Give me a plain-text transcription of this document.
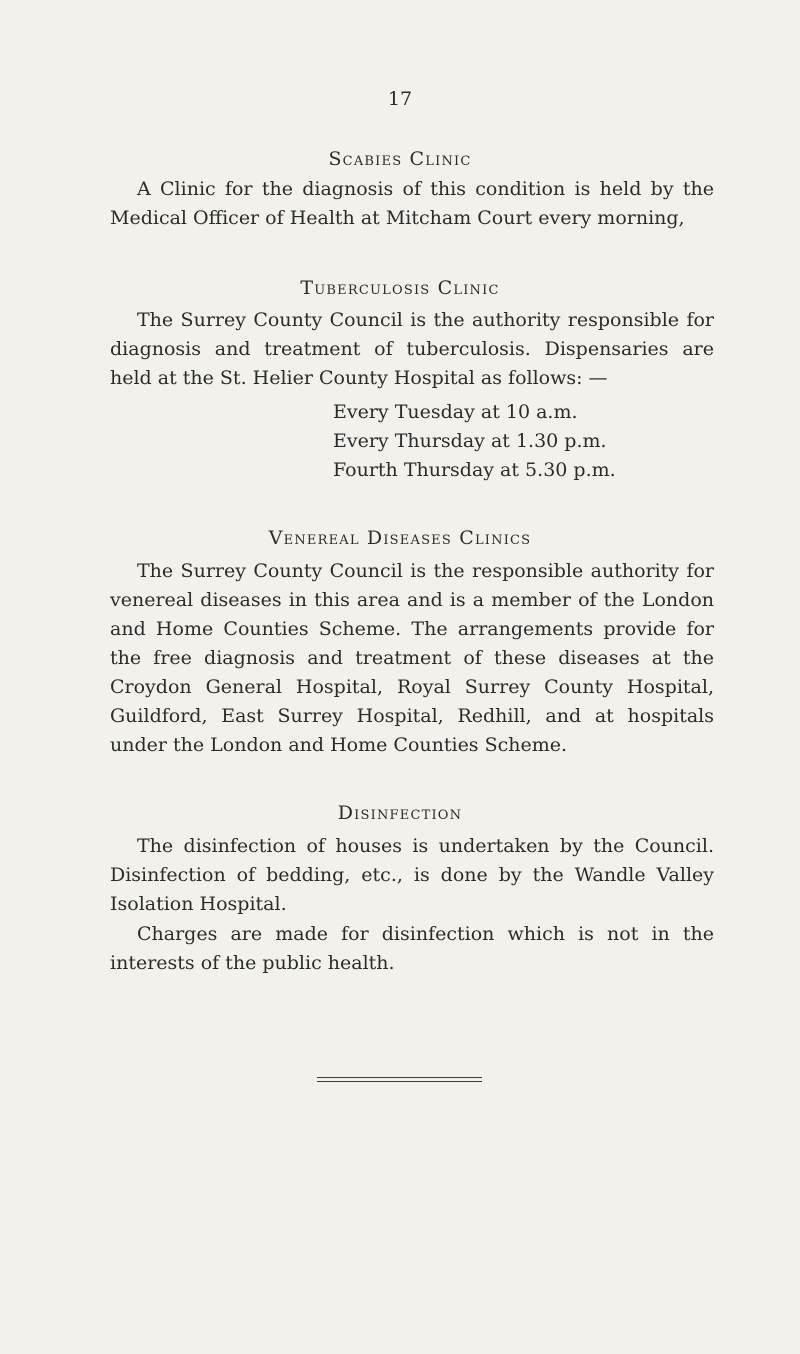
17
Scabies Clinic
A Clinic for the diagnosis of this condition is held by the Medical Officer of Health at Mitcham Court every morning,
Tuberculosis Clinic
The Surrey County Council is the authority responsible for diagnosis and treatment of tuberculosis. Dispensaries are held at the St. Helier County Hospital as follows: —
Every Tuesday at 10 a.m.
Every Thursday at 1.30 p.m.
Fourth Thursday at 5.30 p.m.
Venereal Diseases Clinics
The Surrey County Council is the responsible authority for venereal diseases in this area and is a member of the London and Home Counties Scheme. The arrangements provide for the free diagnosis and treatment of these diseases at the Croydon General Hospital, Royal Surrey County Hospital, Guildford, East Surrey Hospital, Redhill, and at hospitals under the London and Home Counties Scheme.
Disinfection
The disinfection of houses is undertaken by the Council. Disinfection of bedding, etc., is done by the Wandle Valley Isolation Hospital.
Charges are made for disinfection which is not in the interests of the public health.
